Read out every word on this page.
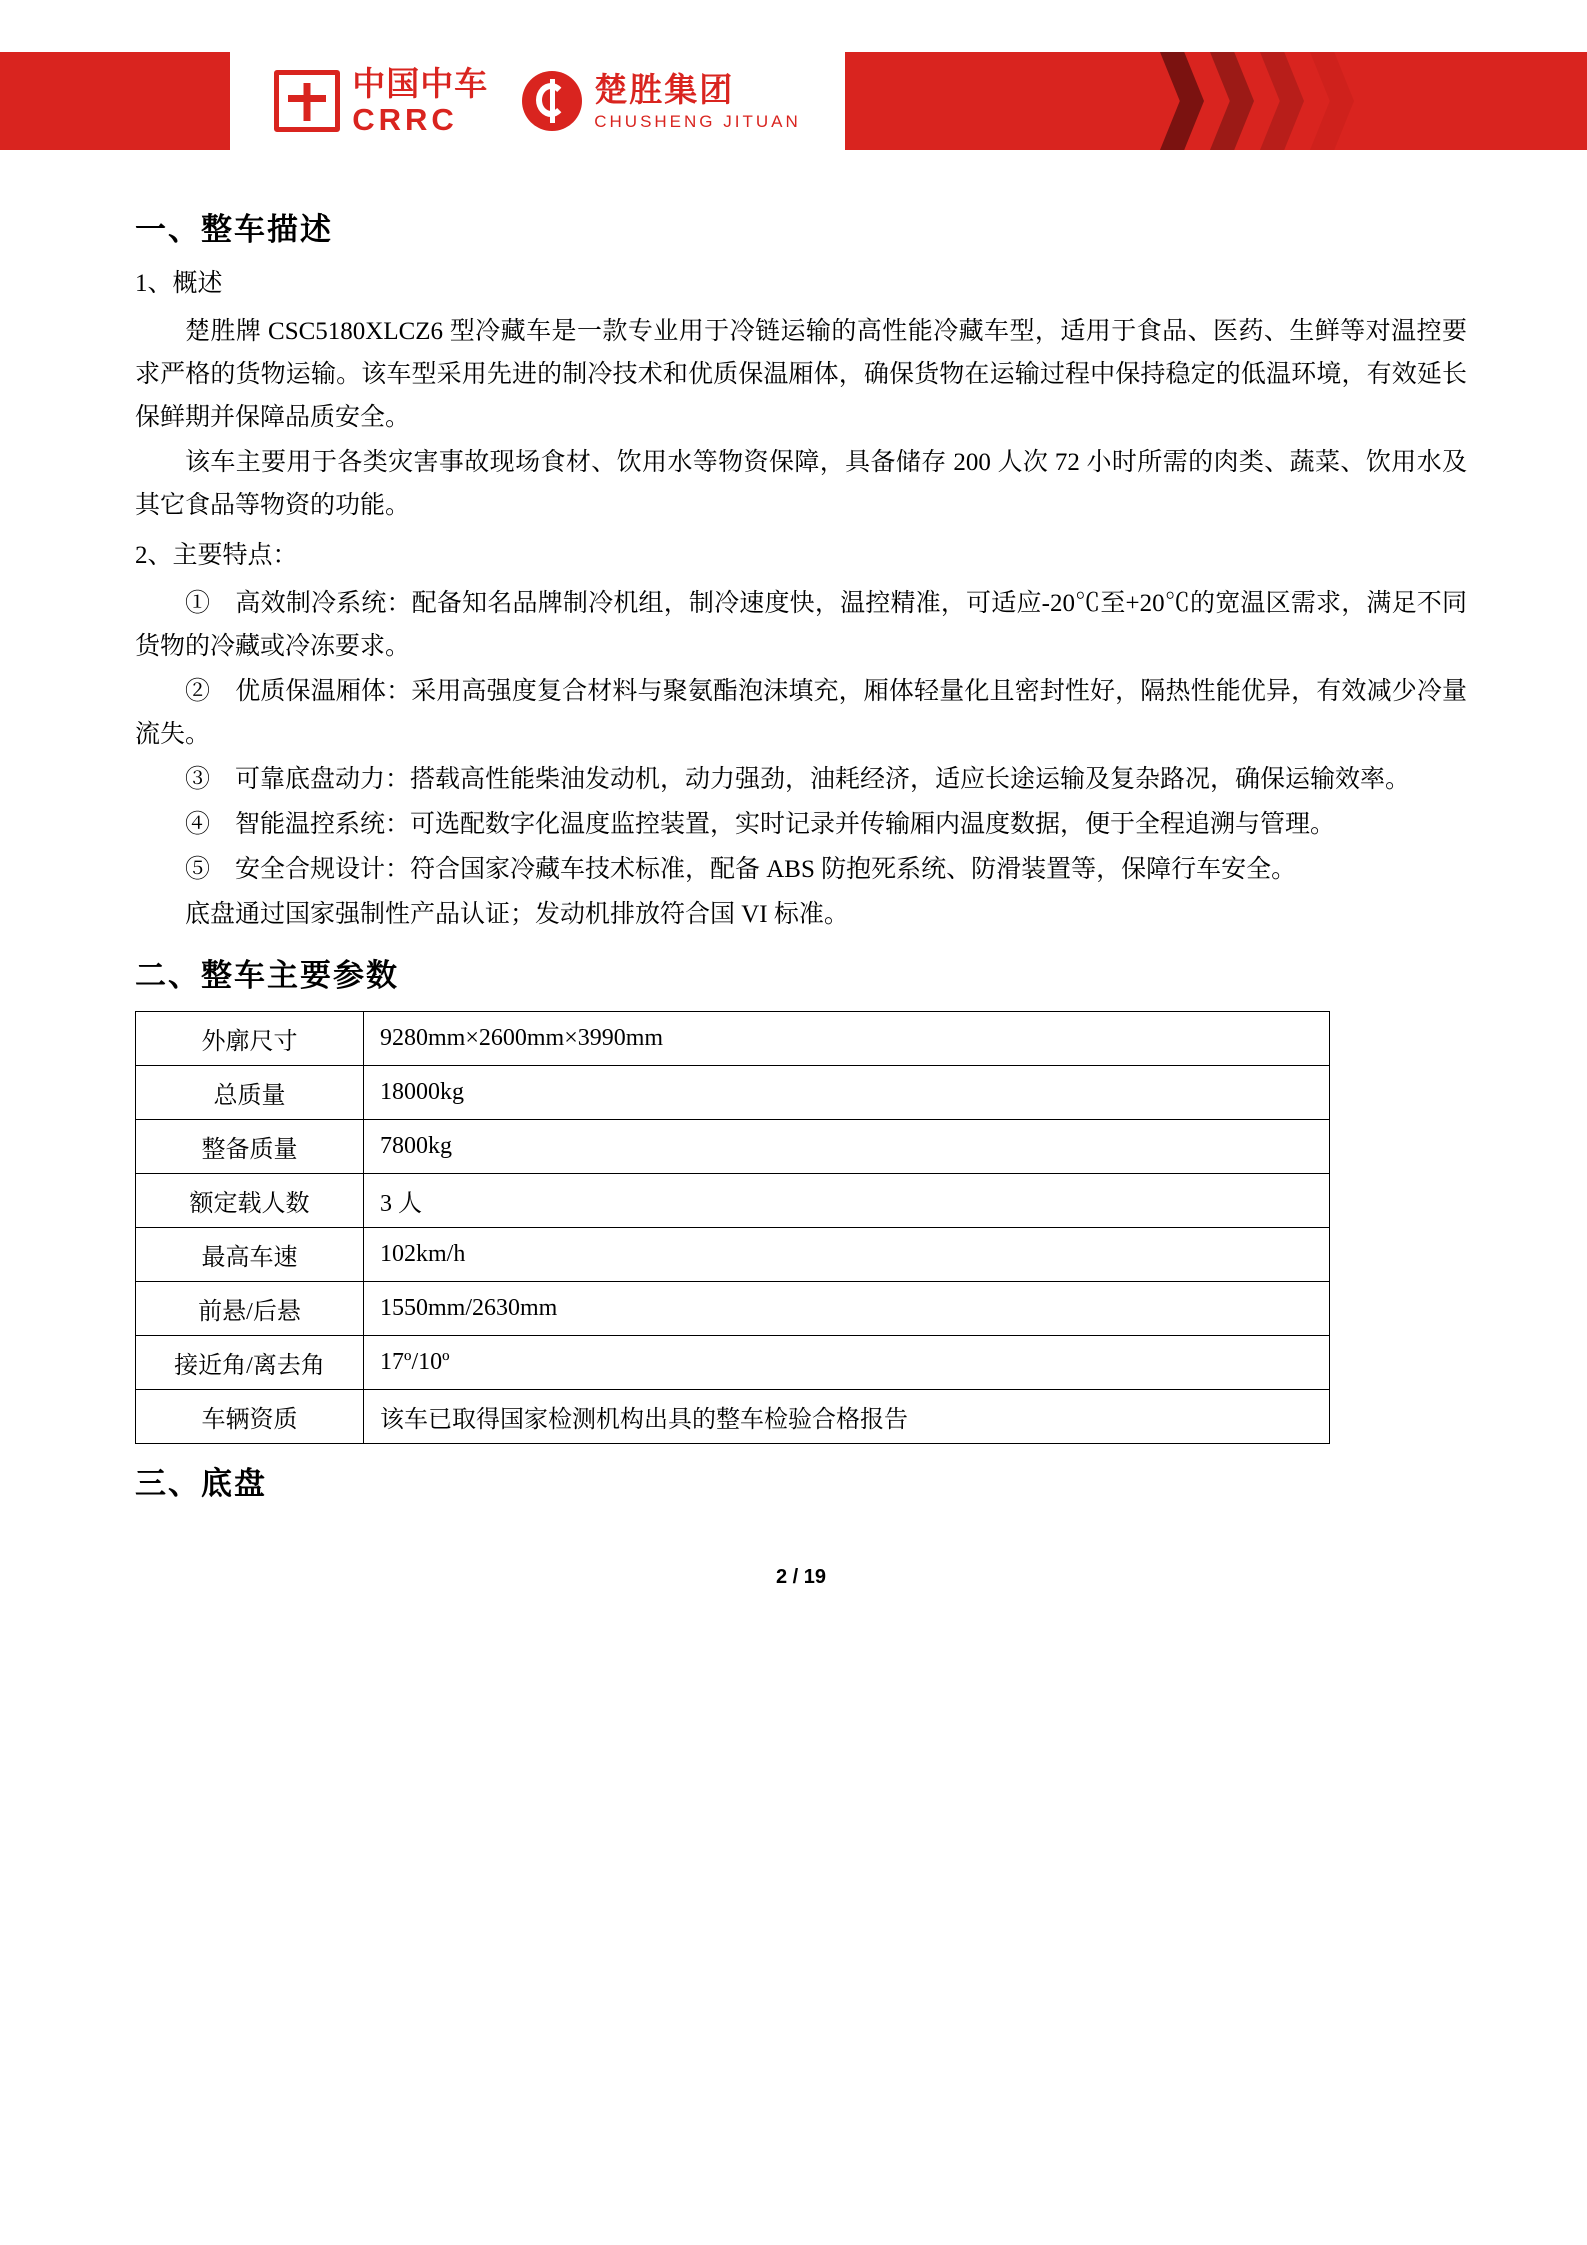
中国中车
CRRC
楚胜集团
CHUSHENG JITUAN
一、整车描述
1、概述

楚胜牌 CSC5180XLCZ6 型冷藏车是一款专业用于冷链运输的高性能冷藏车型，适用于食品、医药、生鲜等对温控要求严格的货物运输。该车型采用先进的制冷技术和优质保温厢体，确保货物在运输过程中保持稳定的低温环境，有效延长保鲜期并保障品质安全。

该车主要用于各类灾害事故现场食材、饮用水等物资保障，具备储存 200 人次 72 小时所需的肉类、蔬菜、饮用水及其它食品等物资的功能。

2、主要特点：

①　高效制冷系统：配备知名品牌制冷机组，制冷速度快，温控精准，可适应-20℃至+20℃的宽温区需求，满足不同货物的冷藏或冷冻要求。

②　优质保温厢体：采用高强度复合材料与聚氨酯泡沫填充，厢体轻量化且密封性好，隔热性能优异，有效减少冷量流失。

③　可靠底盘动力：搭载高性能柴油发动机，动力强劲，油耗经济，适应长途运输及复杂路况，确保运输效率。

④　智能温控系统：可选配数字化温度监控装置，实时记录并传输厢内温度数据，便于全程追溯与管理。

⑤　安全合规设计：符合国家冷藏车技术标准，配备 ABS 防抱死系统、防滑装置等，保障行车安全。

底盘通过国家强制性产品认证；发动机排放符合国 VI 标准。

二、整车主要参数
外廓尺寸	9280mm×2600mm×3990mm
总质量	18000kg
整备质量	7800kg
额定载人数	3 人
最高车速	102km/h
前悬/后悬	1550mm/2630mm
接近角/离去角	17º/10º
车辆资质	该车已取得国家检测机构出具的整车检验合格报告
三、底盘
2 / 19
